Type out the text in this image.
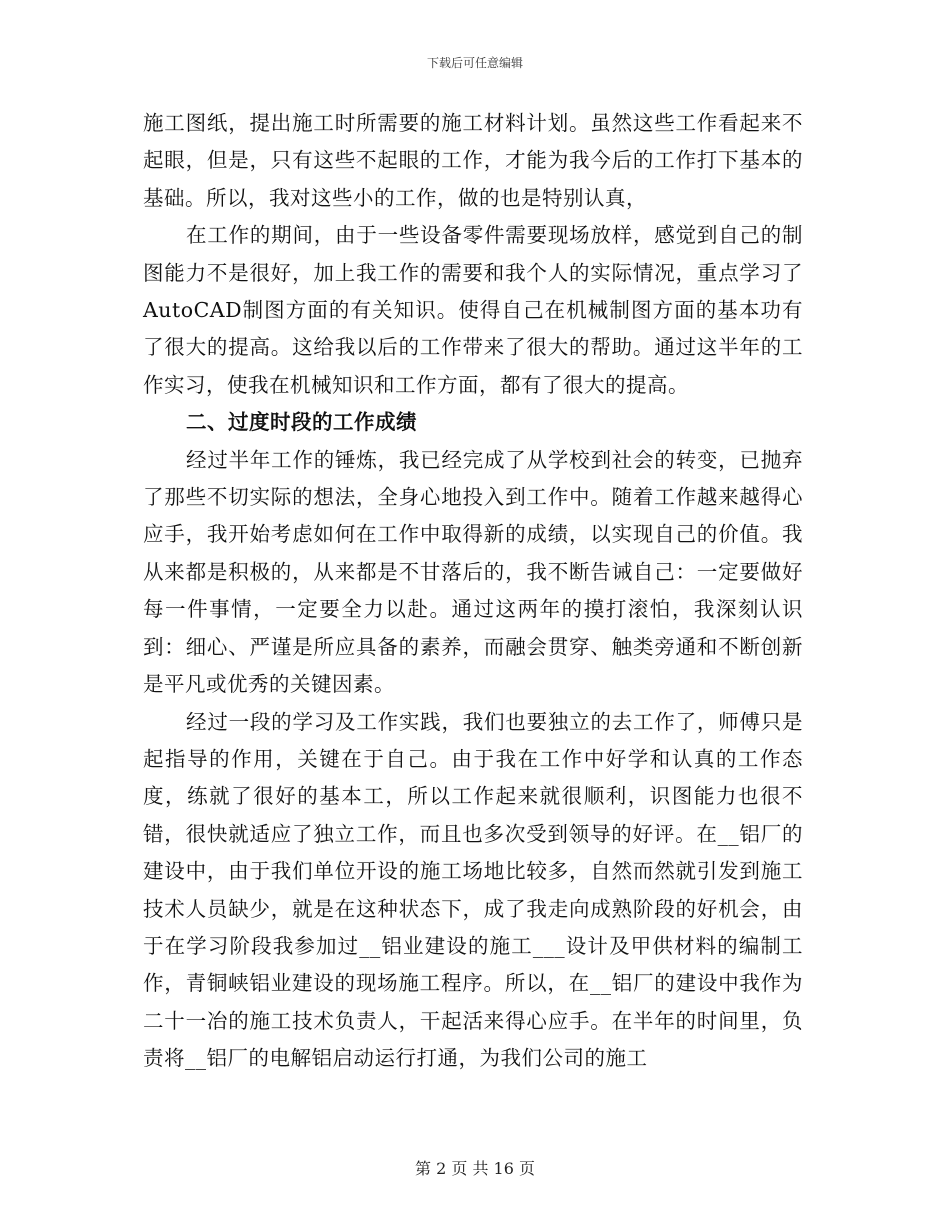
下载后可任意编辑

施工图纸，提出施工时所需要的施工材料计划。虽然这些工作看起来不起眼，但是，只有这些不起眼的工作，才能为我今后的工作打下基本的基础。所以，我对这些小的工作，做的也是特别认真，

在工作的期间，由于一些设备零件需要现场放样，感觉到自己的制图能力不是很好，加上我工作的需要和我个人的实际情况，重点学习了AutoCAD制图方面的有关知识。使得自己在机械制图方面的基本功有了很大的提高。这给我以后的工作带来了很大的帮助。通过这半年的工作实习，使我在机械知识和工作方面，都有了很大的提高。

二、过度时段的工作成绩

经过半年工作的锤炼，我已经完成了从学校到社会的转变，已抛弃了那些不切实际的想法，全身心地投入到工作中。随着工作越来越得心应手，我开始考虑如何在工作中取得新的成绩，以实现自己的价值。我从来都是积极的，从来都是不甘落后的，我不断告诫自己：一定要做好每一件事情，一定要全力以赴。通过这两年的摸打滚怕，我深刻认识到：细心、严谨是所应具备的素养，而融会贯穿、触类旁通和不断创新是平凡或优秀的关键因素。

经过一段的学习及工作实践，我们也要独立的去工作了，师傅只是起指导的作用，关键在于自己。由于我在工作中好学和认真的工作态度，练就了很好的基本工，所以工作起来就很顺利，识图能力也很不错，很快就适应了独立工作，而且也多次受到领导的好评。在__铝厂的建设中，由于我们单位开设的施工场地比较多，自然而然就引发到施工技术人员缺少，就是在这种状态下，成了我走向成熟阶段的好机会，由于在学习阶段我参加过__铝业建设的施工___设计及甲供材料的编制工作，青铜峡铝业建设的现场施工程序。所以，在__铝厂的建设中我作为二十一冶的施工技术负责人，干起活来得心应手。在半年的时间里，负责将__铝厂的电解铝启动运行打通，为我们公司的施工

第 2 页 共 16 页
